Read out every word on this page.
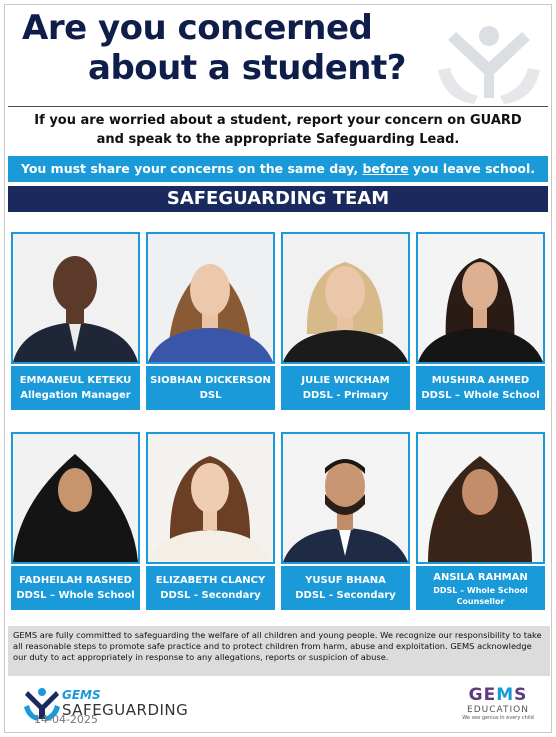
Are you concerned
about a student?
If you are worried about a student, report your concern on GUARD
and speak to the appropriate Safeguarding Lead.
You must share your concerns on the same day, before you leave school.
SAFEGUARDING TEAM
EMMANEUL KETEKU
Allegation Manager
SIOBHAN DICKERSON
DSL
JULIE WICKHAM
DDSL - Primary
MUSHIRA AHMED
DDSL – Whole School
FADHEILAH RASHED
DDSL – Whole School
ELIZABETH CLANCY
DDSL - Secondary
YUSUF BHANA
DDSL - Secondary
ANSILA RAHMAN
DDSL – Whole School
Counsellor
GEMS are fully committed to safeguarding the welfare of all children and young people. We recognize our responsibility to take all reasonable steps to promote safe practice and to protect children from harm, abuse and exploitation. GEMS acknowledge our duty to act appropriately in response to any allegations, reports or suspicion of abuse.
GEMS
SAFEGUARDING
14-04-2025
GEMS
EDUCATION
We see genius in every child
